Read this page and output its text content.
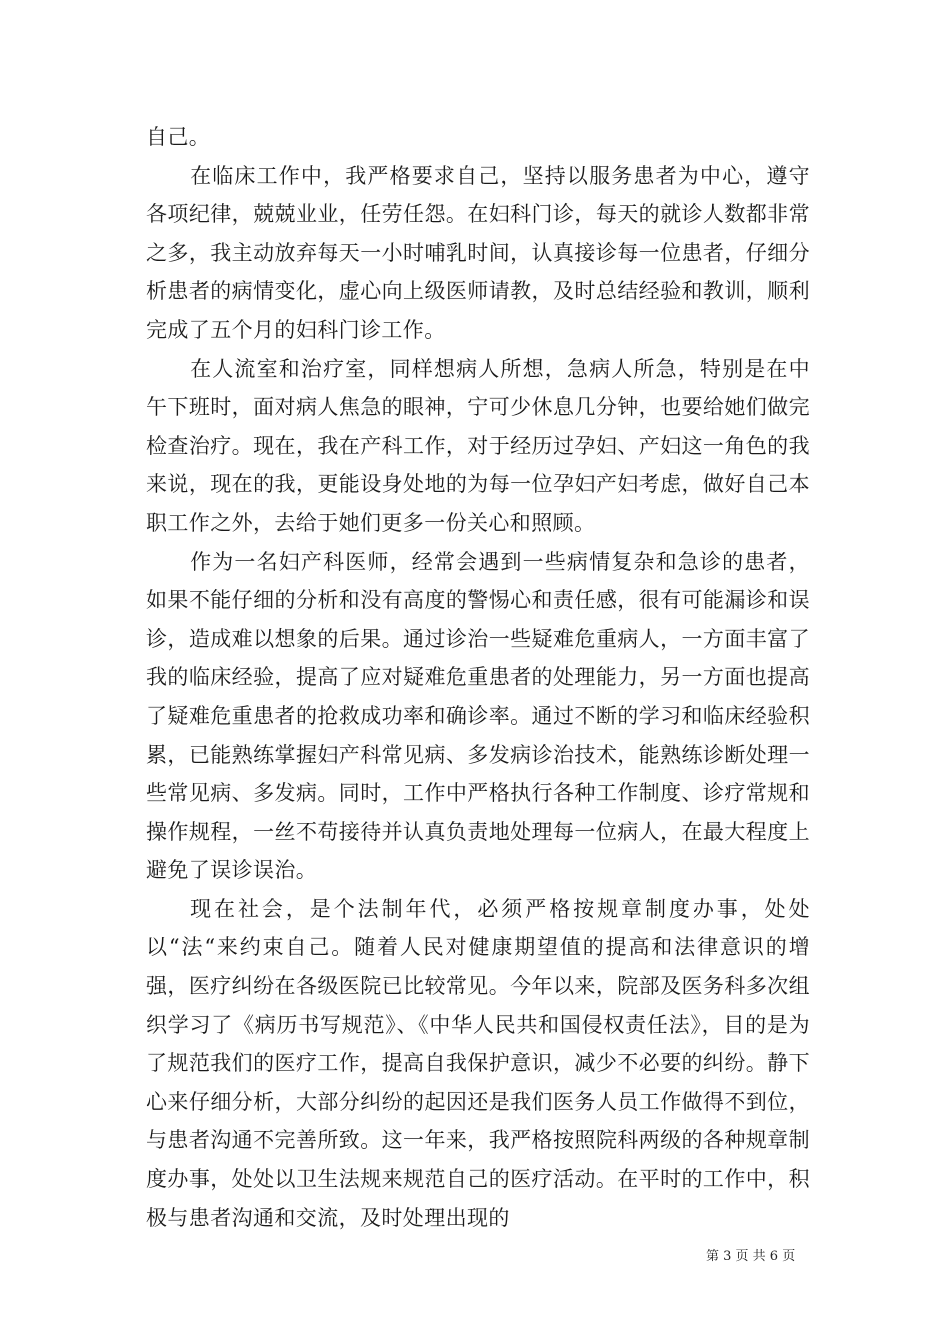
自己。

在临床工作中，我严格要求自己，坚持以服务患者为中心，遵守各项纪律，兢兢业业，任劳任怨。在妇科门诊，每天的就诊人数都非常之多，我主动放弃每天一小时哺乳时间，认真接诊每一位患者，仔细分析患者的病情变化，虚心向上级医师请教，及时总结经验和教训，顺利完成了五个月的妇科门诊工作。

在人流室和治疗室，同样想病人所想，急病人所急，特别是在中午下班时，面对病人焦急的眼神，宁可少休息几分钟，也要给她们做完检查治疗。现在，我在产科工作，对于经历过孕妇、产妇这一角色的我来说，现在的我，更能设身处地的为每一位孕妇产妇考虑，做好自己本职工作之外，去给于她们更多一份关心和照顾。

作为一名妇产科医师，经常会遇到一些病情复杂和急诊的患者，如果不能仔细的分析和没有高度的警惕心和责任感，很有可能漏诊和误诊，造成难以想象的后果。通过诊治一些疑难危重病人，一方面丰富了我的临床经验，提高了应对疑难危重患者的处理能力，另一方面也提高了疑难危重患者的抢救成功率和确诊率。通过不断的学习和临床经验积累，已能熟练掌握妇产科常见病、多发病诊治技术，能熟练诊断处理一些常见病、多发病。同时，工作中严格执行各种工作制度、诊疗常规和操作规程，一丝不苟接待并认真负责地处理每一位病人，在最大程度上避免了误诊误治。

现在社会，是个法制年代，必须严格按规章制度办事，处处以“法“来约束自己。随着人民对健康期望值的提高和法律意识的增强，医疗纠纷在各级医院已比较常见。今年以来，院部及医务科多次组织学习了《病历书写规范》、《中华人民共和国侵权责任法》，目的是为了规范我们的医疗工作，提高自我保护意识，减少不必要的纠纷。静下心来仔细分析，大部分纠纷的起因还是我们医务人员工作做得不到位，与患者沟通不完善所致。这一年来，我严格按照院科两级的各种规章制度办事，处处以卫生法规来规范自己的医疗活动。在平时的工作中，积极与患者沟通和交流，及时处理出现的

第 3 页 共 6 页
